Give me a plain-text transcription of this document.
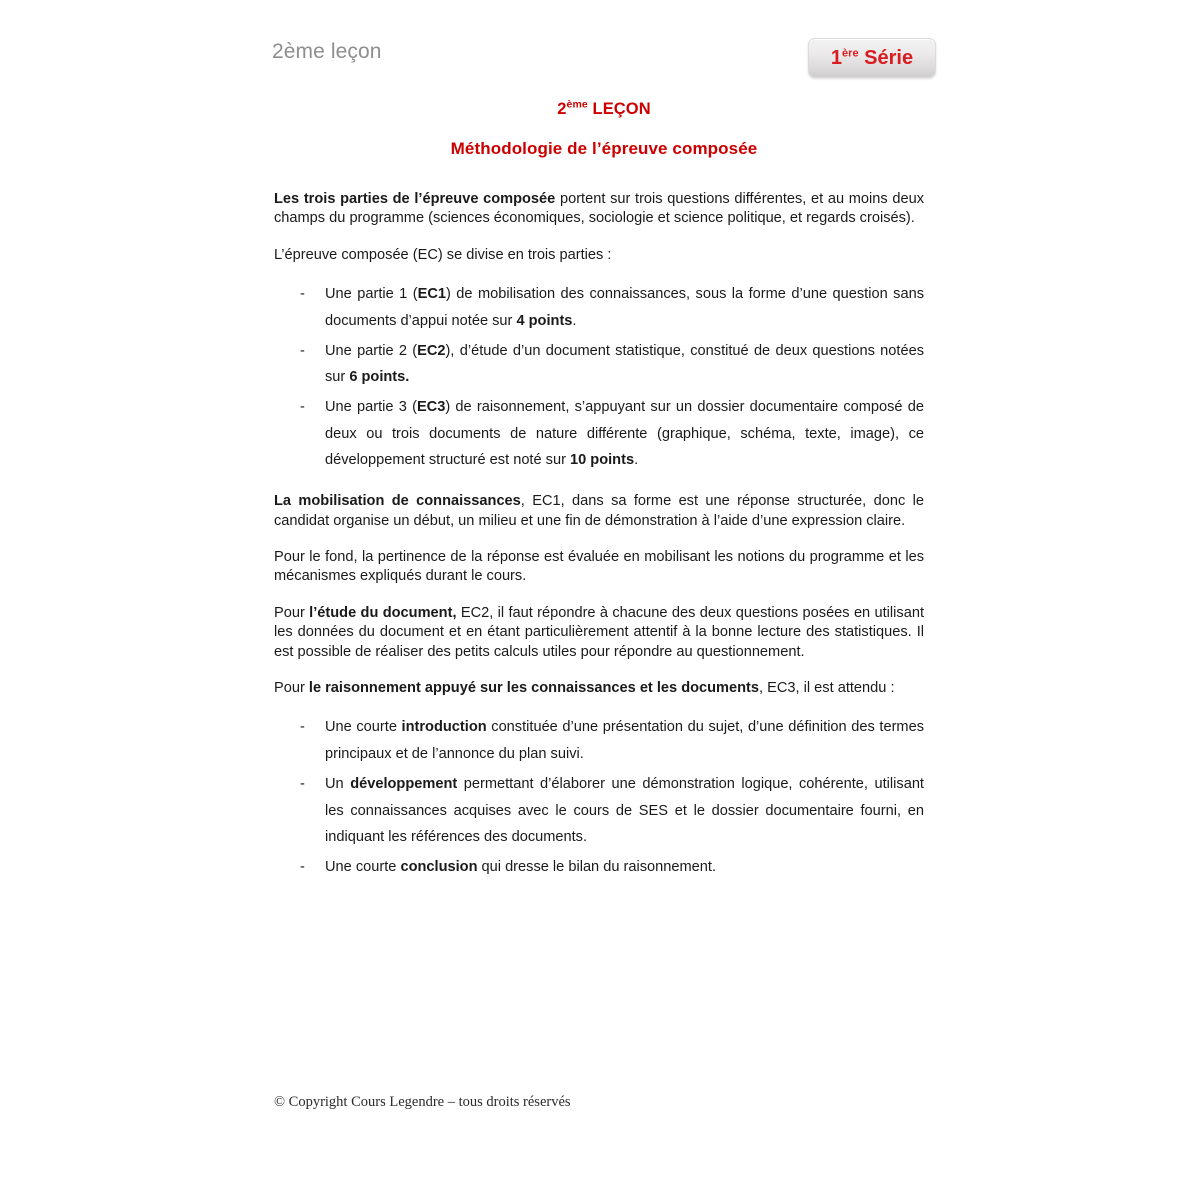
2ème leçon	1ère Série
2ème LEÇON
Méthodologie de l’épreuve composée

Les trois parties de l’épreuve composée portent sur trois questions différentes, et au moins deux champs du programme (sciences économiques, sociologie et science politique, et regards croisés).

L’épreuve composée (EC) se divise en trois parties :

- Une partie 1 (EC1) de mobilisation des connaissances, sous la forme d’une question sans documents d’appui notée sur 4 points.
- Une partie 2 (EC2), d’étude d’un document statistique, constitué de deux questions notées sur 6 points.
- Une partie 3 (EC3) de raisonnement, s’appuyant sur un dossier documentaire composé de deux ou trois documents de nature différente (graphique, schéma, texte, image), ce développement structuré est noté sur 10 points.

La mobilisation de connaissances, EC1, dans sa forme est une réponse structurée, donc le candidat organise un début, un milieu et une fin de démonstration à l’aide d’une expression claire.

Pour le fond, la pertinence de la réponse est évaluée en mobilisant les notions du programme et les mécanismes expliqués durant le cours.

Pour l’étude du document, EC2, il faut répondre à chacune des deux questions posées en utilisant les données du document et en étant particulièrement attentif à la bonne lecture des statistiques. Il est possible de réaliser des petits calculs utiles pour répondre au questionnement.

Pour le raisonnement appuyé sur les connaissances et les documents, EC3, il est attendu :

- Une courte introduction constituée d’une présentation du sujet, d’une définition des termes principaux et de l’annonce du plan suivi.
- Un développement permettant d’élaborer une démonstration logique, cohérente, utilisant les connaissances acquises avec le cours de SES et le dossier documentaire fourni, en indiquant les références des documents.
- Une courte conclusion qui dresse le bilan du raisonnement.
© Copyright Cours Legendre – tous droits réservés
